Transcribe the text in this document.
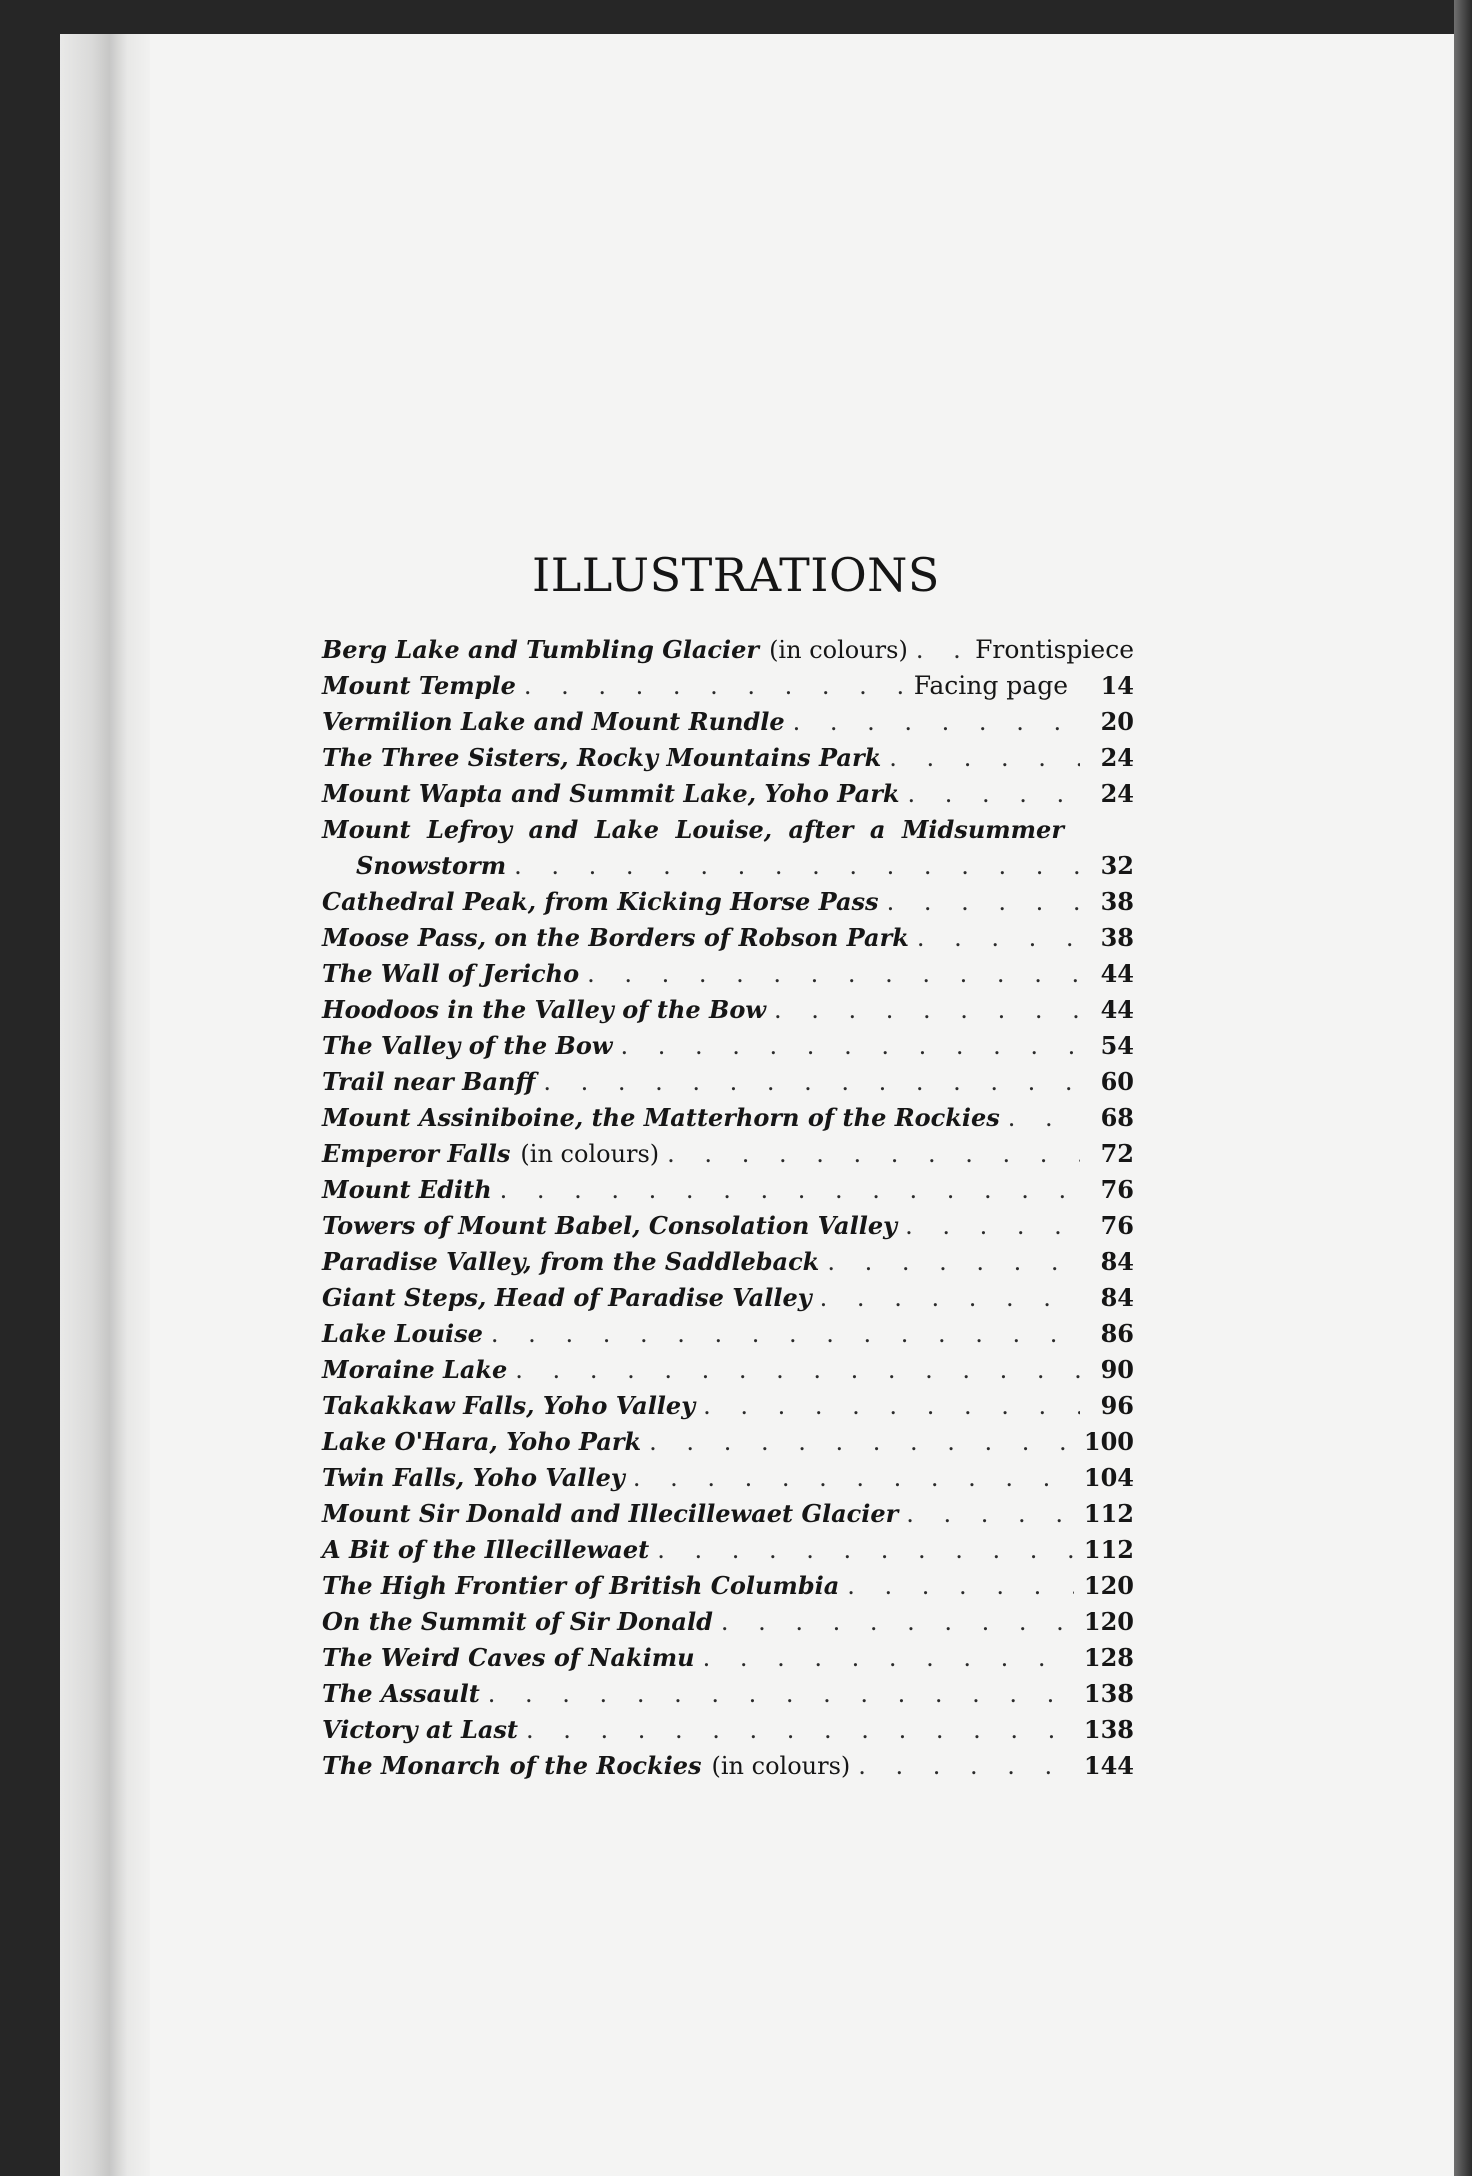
ILLUSTRATIONS
Berg Lake and Tumbling Glacier (in colours) . . .	Frontispiece
Mount Temple . . .	Facing page	14
Vermilion Lake and Mount Rundle . . .	20
The Three Sisters, Rocky Mountains Park . . .	24
Mount Wapta and Summit Lake, Yoho Park . . .	24
Mount Lefroy and Lake Louise, after a Midsummer
Snowstorm . . .	32
Cathedral Peak, from Kicking Horse Pass . . .	38
Moose Pass, on the Borders of Robson Park . . .	38
The Wall of Jericho . . .	44
Hoodoos in the Valley of the Bow . . .	44
The Valley of the Bow . . .	54
Trail near Banff . . .	60
Mount Assiniboine, the Matterhorn of the Rockies . . .	68
Emperor Falls (in colours) . . .	72
Mount Edith . . .	76
Towers of Mount Babel, Consolation Valley . . .	76
Paradise Valley, from the Saddleback . . .	84
Giant Steps, Head of Paradise Valley . . .	84
Lake Louise . . .	86
Moraine Lake . . .	90
Takakkaw Falls, Yoho Valley . . .	96
Lake O'Hara, Yoho Park . . .	100
Twin Falls, Yoho Valley . . .	104
Mount Sir Donald and Illecillewaet Glacier . . .	112
A Bit of the Illecillewaet . . .	112
The High Frontier of British Columbia . . .	120
On the Summit of Sir Donald . . .	120
The Weird Caves of Nakimu . . .	128
The Assault . . .	138
Victory at Last . . .	138
The Monarch of the Rockies (in colours) . . .	144
